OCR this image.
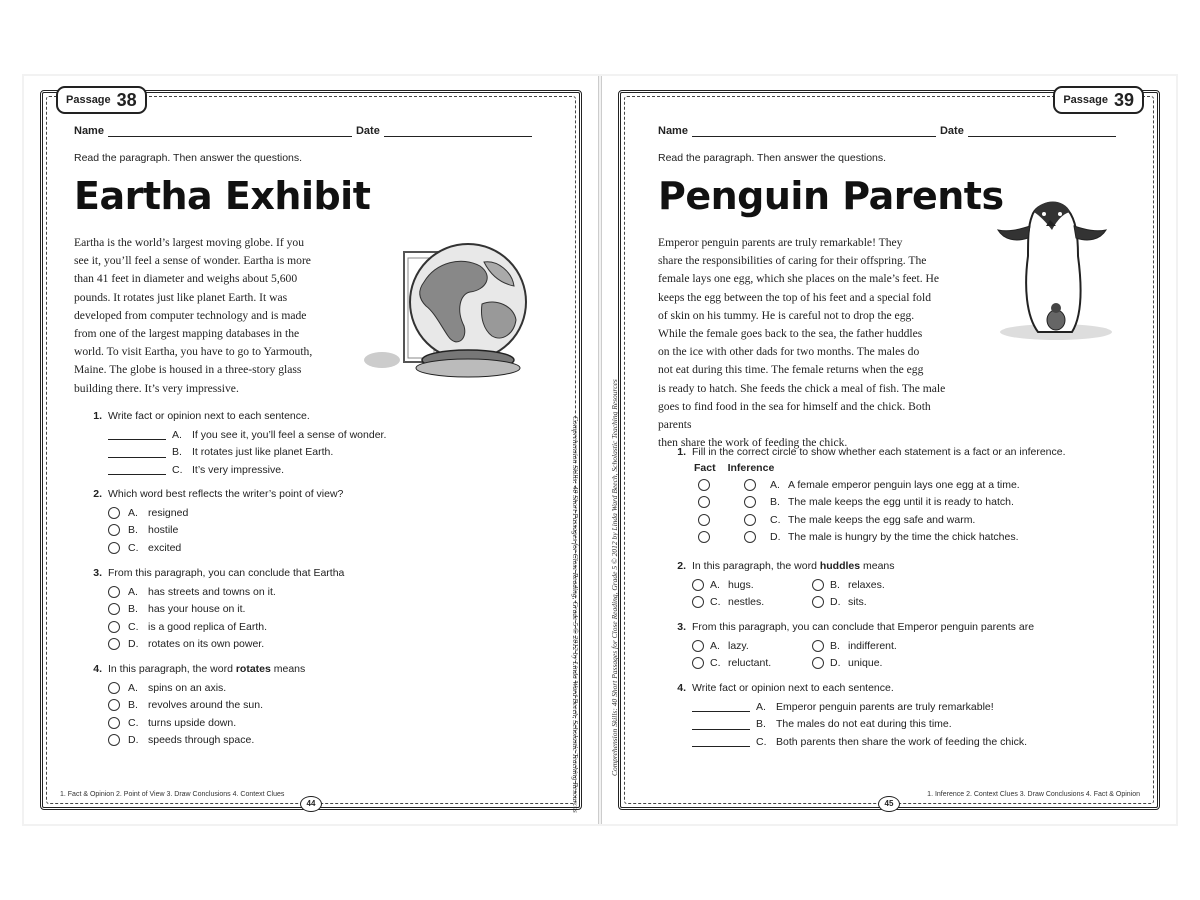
Passage 38
Name	Date
Read the paragraph. Then answer the questions.
Eartha Exhibit
Eartha is the world’s largest moving globe. If you
see it, you’ll feel a sense of wonder. Eartha is more
than 41 feet in diameter and weighs about 5,600
pounds. It rotates just like planet Earth. It was
developed from computer technology and is made
from one of the largest mapping databases in the
world. To visit Eartha, you have to go to Yarmouth,
Maine. The globe is housed in a three-story glass
building there. It’s very impressive.
1. Write fact or opinion next to each sentence.
A. If you see it, you’ll feel a sense of wonder.
B. It rotates just like planet Earth.
C. It’s very impressive.
2. Which word best reflects the writer’s point of view?
A. resigned
B. hostile
C. excited
3. From this paragraph, you can conclude that Eartha
A. has streets and towns on it.
B. has your house on it.
C. is a good replica of Earth.
D. rotates on its own power.
4. In this paragraph, the word rotates means
A. spins on an axis.
B. revolves around the sun.
C. turns upside down.
D. speeds through space.
1. Fact & Opinion 2. Point of View 3. Draw Conclusions 4. Context Clues
44	Comprehension Skills: 40 Short Passages for Close Reading, Grade 5 © 2012 by Linda Ward Beech, Scholastic Teaching Resources
Passage 39
Name	Date
Read the paragraph. Then answer the questions.
Penguin Parents
Emperor penguin parents are truly remarkable! They
share the responsibilities of caring for their offspring. The
female lays one egg, which she places on the male’s feet. He
keeps the egg between the top of his feet and a special fold
of skin on his tummy. He is careful not to drop the egg.
While the female goes back to the sea, the father huddles
on the ice with other dads for two months. The males do
not eat during this time. The female returns when the egg
is ready to hatch. She feeds the chick a meal of fish. The male
goes to find food in the sea for himself and the chick. Both parents
then share the work of feeding the chick.
1. Fill in the correct circle to show whether each statement is a fact or an inference.
Fact Inference
A. A female emperor penguin lays one egg at a time.
B. The male keeps the egg until it is ready to hatch.
C. The male keeps the egg safe and warm.
D. The male is hungry by the time the chick hatches.
2. In this paragraph, the word huddles means
A. hugs.	B. relaxes.
C. nestles.	D. sits.
3. From this paragraph, you can conclude that Emperor penguin parents are
A. lazy.	B. indifferent.
C. reluctant.	D. unique.
4. Write fact or opinion next to each sentence.
A. Emperor penguin parents are truly remarkable!
B. The males do not eat during this time.
C. Both parents then share the work of feeding the chick.
1. Inference 2. Context Clues 3. Draw Conclusions 4. Fact & Opinion
45
Comprehension Skills: 40 Short Passages for Close Reading, Grade 5 © 2012 by Linda Ward Beech, Scholastic Teaching Resources
